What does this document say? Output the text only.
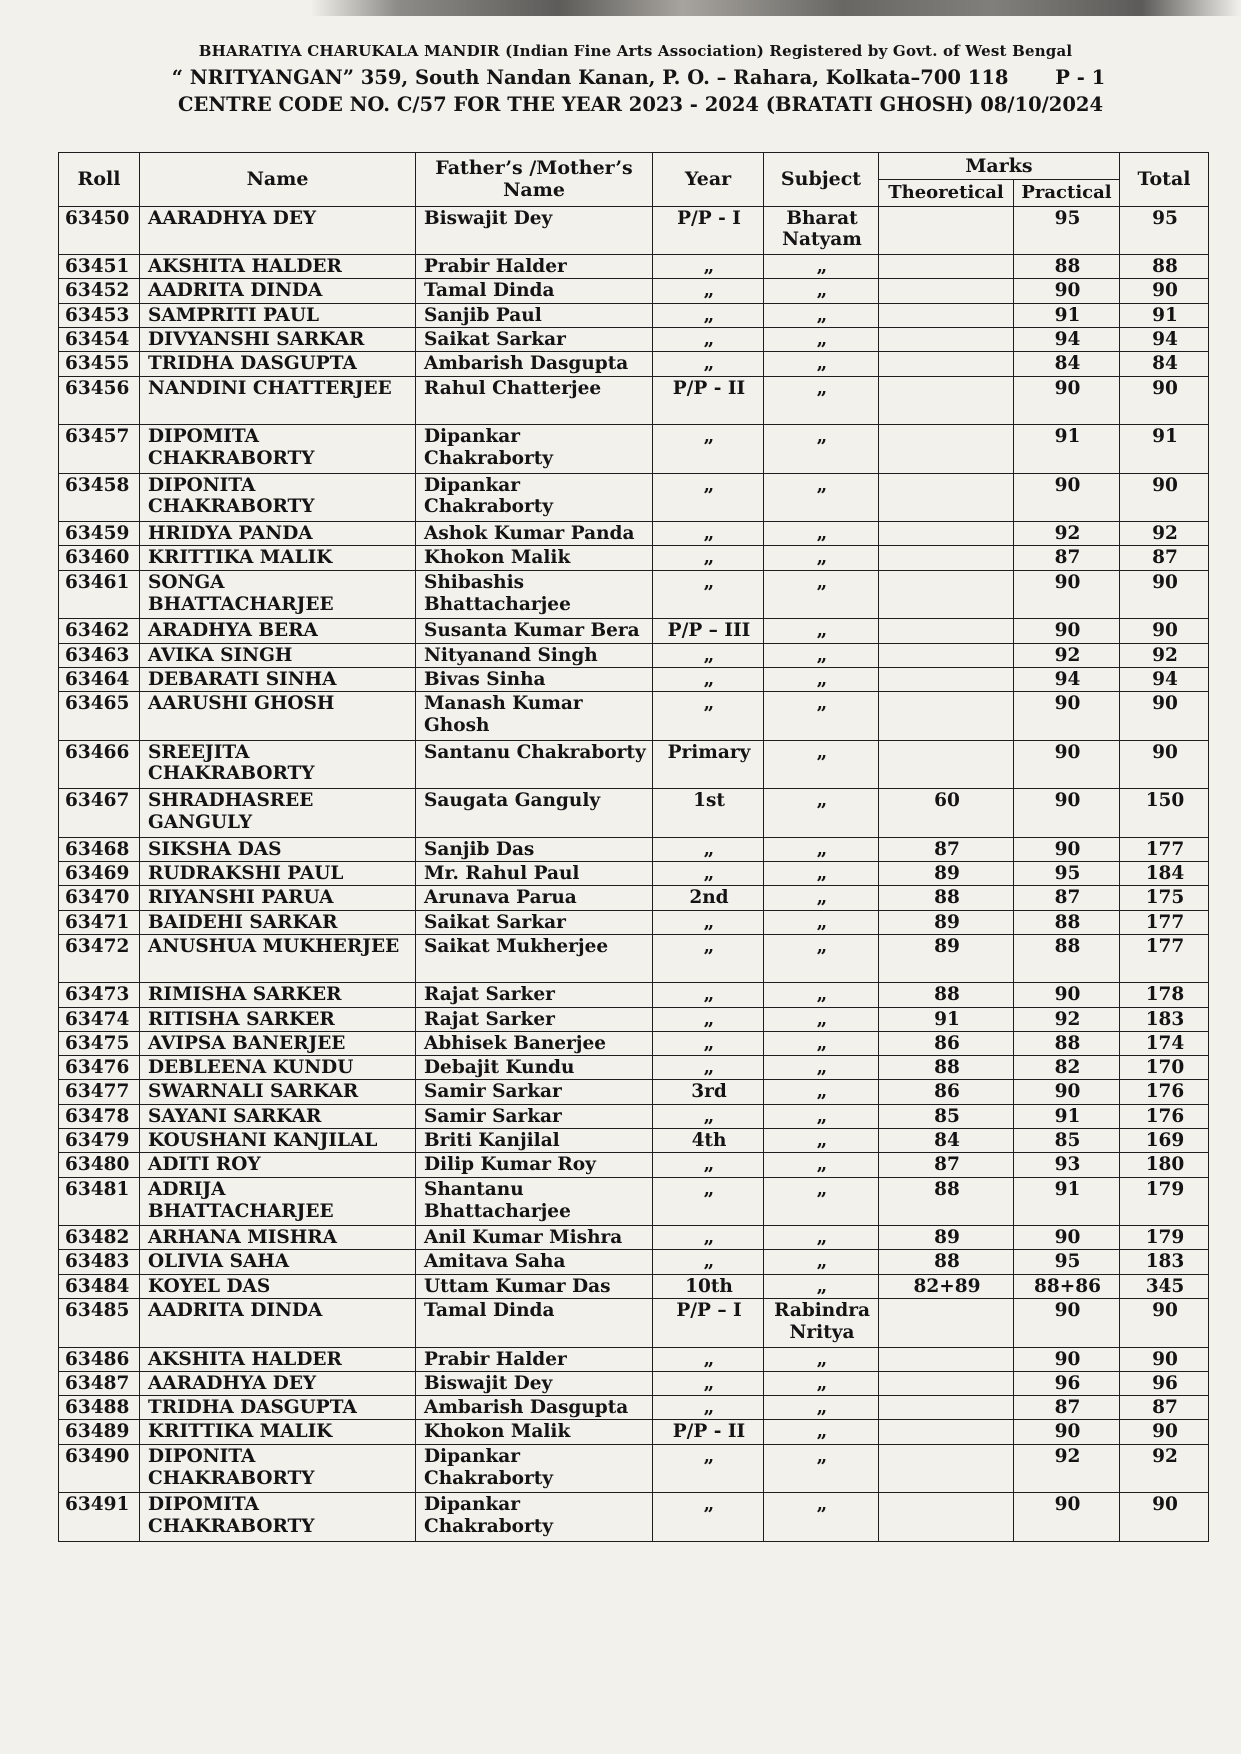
BHARATIYA CHARUKALA MANDIR (Indian Fine Arts Association) Registered by Govt. of West Bengal
“ NRITYANGAN” 359, South Nandan Kanan, P. O. – Rahara, Kolkata–700 118 P - 1
CENTRE CODE NO. C/57 FOR THE YEAR 2023 - 2024 (BRATATI GHOSH) 08/10/2024
Roll	Name	Father’s /Mother’s Name	Year	Subject	Marks		Total
					Theoretical	Practical	
63450	AARADHYA DEY	Biswajit Dey	P/P - I	Bharat Natyam		95	95
63451	AKSHITA HALDER	Prabir Halder	„	„		88	88
63452	AADRITA DINDA	Tamal Dinda	„	„		90	90
63453	SAMPRITI PAUL	Sanjib Paul	„	„		91	91
63454	DIVYANSHI SARKAR	Saikat Sarkar	„	„		94	94
63455	TRIDHA DASGUPTA	Ambarish Dasgupta	„	„		84	84
63456	NANDINI CHATTERJEE	Rahul Chatterjee	P/P - II	„		90	90
63457	DIPOMITA CHAKRABORTY	Dipankar Chakraborty	„	„		91	91
63458	DIPONITA CHAKRABORTY	Dipankar Chakraborty	„	„		90	90
63459	HRIDYA PANDA	Ashok Kumar Panda	„	„		92	92
63460	KRITTIKA MALIK	Khokon Malik	„	„		87	87
63461	SONGA BHATTACHARJEE	Shibashis Bhattacharjee	„	„		90	90
63462	ARADHYA BERA	Susanta Kumar Bera	P/P – III	„		90	90
63463	AVIKA SINGH	Nityanand Singh	„	„		92	92
63464	DEBARATI SINHA	Bivas Sinha	„	„		94	94
63465	AARUSHI GHOSH	Manash Kumar Ghosh	„	„		90	90
63466	SREEJITA CHAKRABORTY	Santanu Chakraborty	Primary	„		90	90
63467	SHRADHASREE GANGULY	Saugata Ganguly	1st	„	60	90	150
63468	SIKSHA DAS	Sanjib Das	„	„	87	90	177
63469	RUDRAKSHI PAUL	Mr. Rahul Paul	„	„	89	95	184
63470	RIYANSHI PARUA	Arunava Parua	2nd	„	88	87	175
63471	BAIDEHI SARKAR	Saikat Sarkar	„	„	89	88	177
63472	ANUSHUA MUKHERJEE	Saikat Mukherjee	„	„	89	88	177
63473	RIMISHA SARKER	Rajat Sarker	„	„	88	90	178
63474	RITISHA SARKER	Rajat Sarker	„	„	91	92	183
63475	AVIPSA BANERJEE	Abhisek Banerjee	„	„	86	88	174
63476	DEBLEENA KUNDU	Debajit Kundu	„	„	88	82	170
63477	SWARNALI SARKAR	Samir Sarkar	3rd	„	86	90	176
63478	SAYANI SARKAR	Samir Sarkar	„	„	85	91	176
63479	KOUSHANI KANJILAL	Briti Kanjilal	4th	„	84	85	169
63480	ADITI ROY	Dilip Kumar Roy	„	„	87	93	180
63481	ADRIJA BHATTACHARJEE	Shantanu Bhattacharjee	„	„	88	91	179
63482	ARHANA MISHRA	Anil Kumar Mishra	„	„	89	90	179
63483	OLIVIA SAHA	Amitava Saha	„	„	88	95	183
63484	KOYEL DAS	Uttam Kumar Das	10th	„	82+89	88+86	345
63485	AADRITA DINDA	Tamal Dinda	P/P – I	Rabindra Nritya		90	90
63486	AKSHITA HALDER	Prabir Halder	„	„		90	90
63487	AARADHYA DEY	Biswajit Dey	„	„		96	96
63488	TRIDHA DASGUPTA	Ambarish Dasgupta	„	„		87	87
63489	KRITTIKA MALIK	Khokon Malik	P/P - II	„		90	90
63490	DIPONITA CHAKRABORTY	Dipankar Chakraborty	„	„		92	92
63491	DIPOMITA CHAKRABORTY	Dipankar Chakraborty	„	„		90	90
